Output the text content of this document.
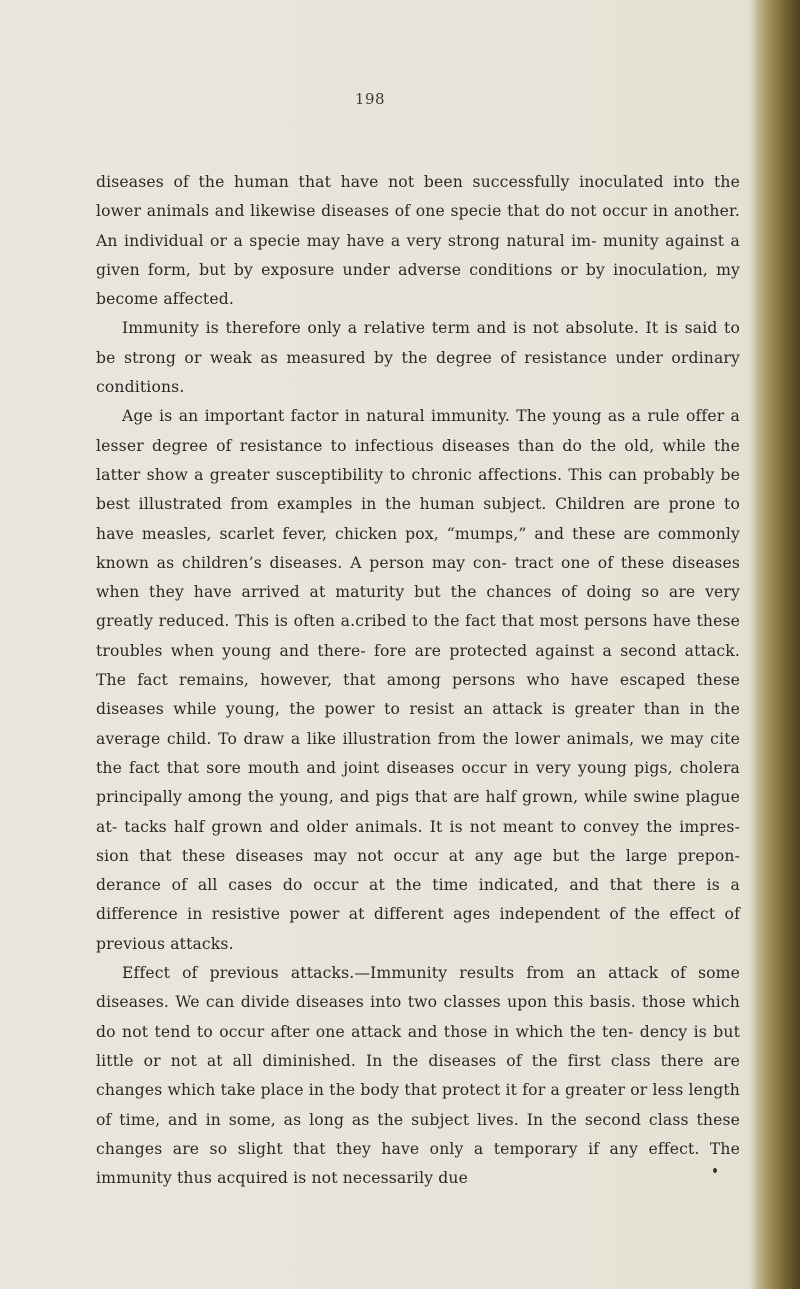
198

diseases of the human that have not been successfully inoculated into the lower animals and likewise diseases of one specie that do not occur in another. An individual or a specie may have a very strong natural im- munity against a given form, but by exposure under adverse conditions or by inoculation, my become affected.

Immunity is therefore only a relative term and is not absolute. It is said to be strong or weak as measured by the degree of resistance under ordinary conditions.

Age is an important factor in natural immunity. The young as a rule offer a lesser degree of resistance to infectious diseases than do the old, while the latter show a greater susceptibility to chronic affections. This can probably be best illustrated from examples in the human subject. Children are prone to have measles, scarlet fever, chicken pox, “mumps,” and these are commonly known as children’s diseases. A person may con- tract one of these diseases when they have arrived at maturity but the chances of doing so are very greatly reduced. This is often a.cribed to the fact that most persons have these troubles when young and there- fore are protected against a second attack. The fact remains, however, that among persons who have escaped these diseases while young, the power to resist an attack is greater than in the average child. To draw a like illustration from the lower animals, we may cite the fact that sore mouth and joint diseases occur in very young pigs, cholera principally among the young, and pigs that are half grown, while swine plague at- tacks half grown and older animals. It is not meant to convey the impres- sion that these diseases may not occur at any age but the large prepon- derance of all cases do occur at the time indicated, and that there is a difference in resistive power at different ages independent of the effect of previous attacks.

Effect of previous attacks.—Immunity results from an attack of some diseases. We can divide diseases into two classes upon this basis. those which do not tend to occur after one attack and those in which the ten- dency is but little or not at all diminished. In the diseases of the first class there are changes which take place in the body that protect it for a greater or less length of time, and in some, as long as the subject lives. In the second class these changes are so slight that they have only a temporary if any effect. The immunity thus acquired is not necessarily due
